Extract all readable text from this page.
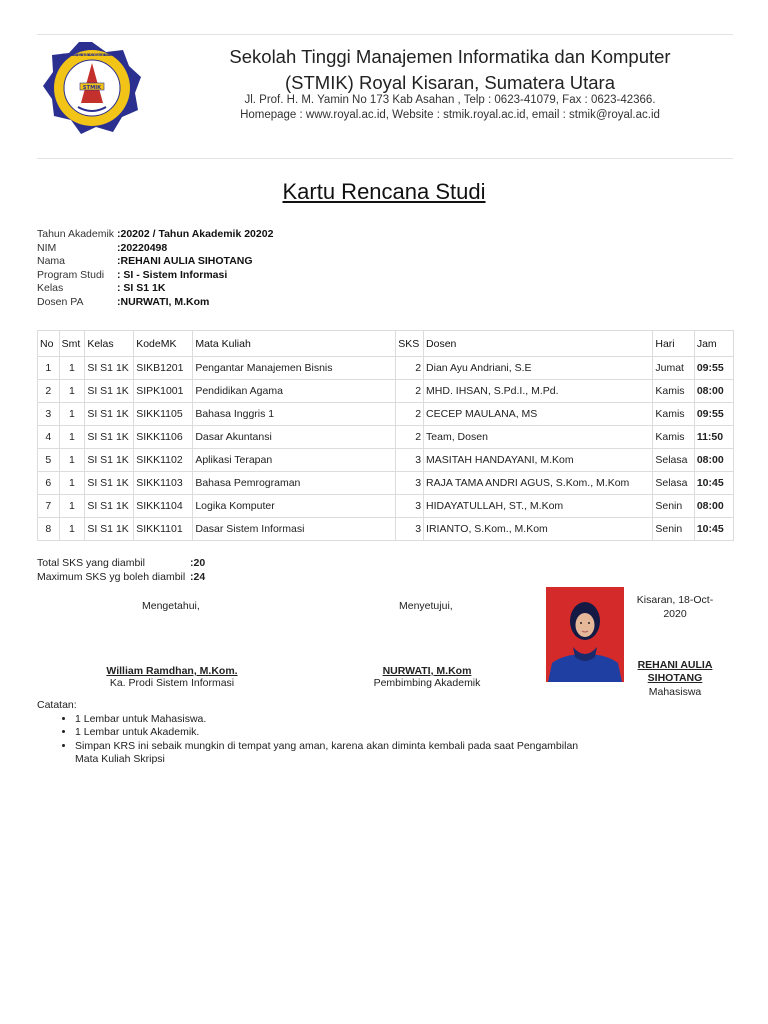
STMIK
SEKOLAH TINGGI MANAJEMEN INFORMATIKA DAN KOMPUTER · ROYAL · KISARAN - SUMATERA UTARA	Sekolah Tinggi Manajemen Informatika dan Komputer
(STMIK) Royal Kisaran, Sumatera Utara
Jl. Prof. H. M. Yamin No 173 Kab Asahan , Telp : 0623-41079, Fax : 0623-42366.
Homepage : www.royal.ac.id, Website : stmik.royal.ac.id, email : stmik@royal.ac.id
Kartu Rencana Studi
Tahun Akademik :20202 / Tahun Akademik 20202
NIM	:20220498
Nama	:REHANI AULIA SIHOTANG
Program Studi	: SI - Sistem Informasi
Kelas	: SI S1 1K
Dosen PA	:NURWATI, M.Kom
No	Smt	Kelas	KodeMK	Mata Kuliah	SKS	Dosen	Hari	Jam
1	1	SI S1 1K	SIKB1201	Pengantar Manajemen Bisnis	2	Dian Ayu Andriani, S.E	Jumat	09:55
2	1	SI S1 1K	SIPK1001	Pendidikan Agama	2	MHD. IHSAN, S.Pd.I., M.Pd.	Kamis	08:00
3	1	SI S1 1K	SIKK1105	Bahasa Inggris 1	2	CECEP MAULANA, MS	Kamis	09:55
4	1	SI S1 1K	SIKK1106	Dasar Akuntansi	2	Team, Dosen	Kamis	11:50
5	1	SI S1 1K	SIKK1102	Aplikasi Terapan	3	MASITAH HANDAYANI, M.Kom	Selasa	08:00
6	1	SI S1 1K	SIKK1103	Bahasa Pemrograman	3	RAJA TAMA ANDRI AGUS, S.Kom., M.Kom	Selasa	10:45
7	1	SI S1 1K	SIKK1104	Logika Komputer	3	HIDAYATULLAH, ST., M.Kom	Senin	08:00
8	1	SI S1 1K	SIKK1101	Dasar Sistem Informasi	3	IRIANTO, S.Kom., M.Kom	Senin	10:45
Total SKS yang diambil	:20
Maximum SKS yg boleh diambil :24
Mengetahui,
William Ramdhan, M.Kom.
Ka. Prodi Sistem Informasi
Menyetujui,
NURWATI, M.Kom
Pembimbing Akademik
Kisaran, 18-Oct-2020
REHANI AULIA SIHOTANG
Mahasiswa
Catatan:
• 1 Lembar untuk Mahasiswa.
• 1 Lembar untuk Akademik.
• Simpan KRS ini sebaik mungkin di tempat yang aman, karena akan diminta kembali pada saat Pengambilan Mata Kuliah Skripsi
